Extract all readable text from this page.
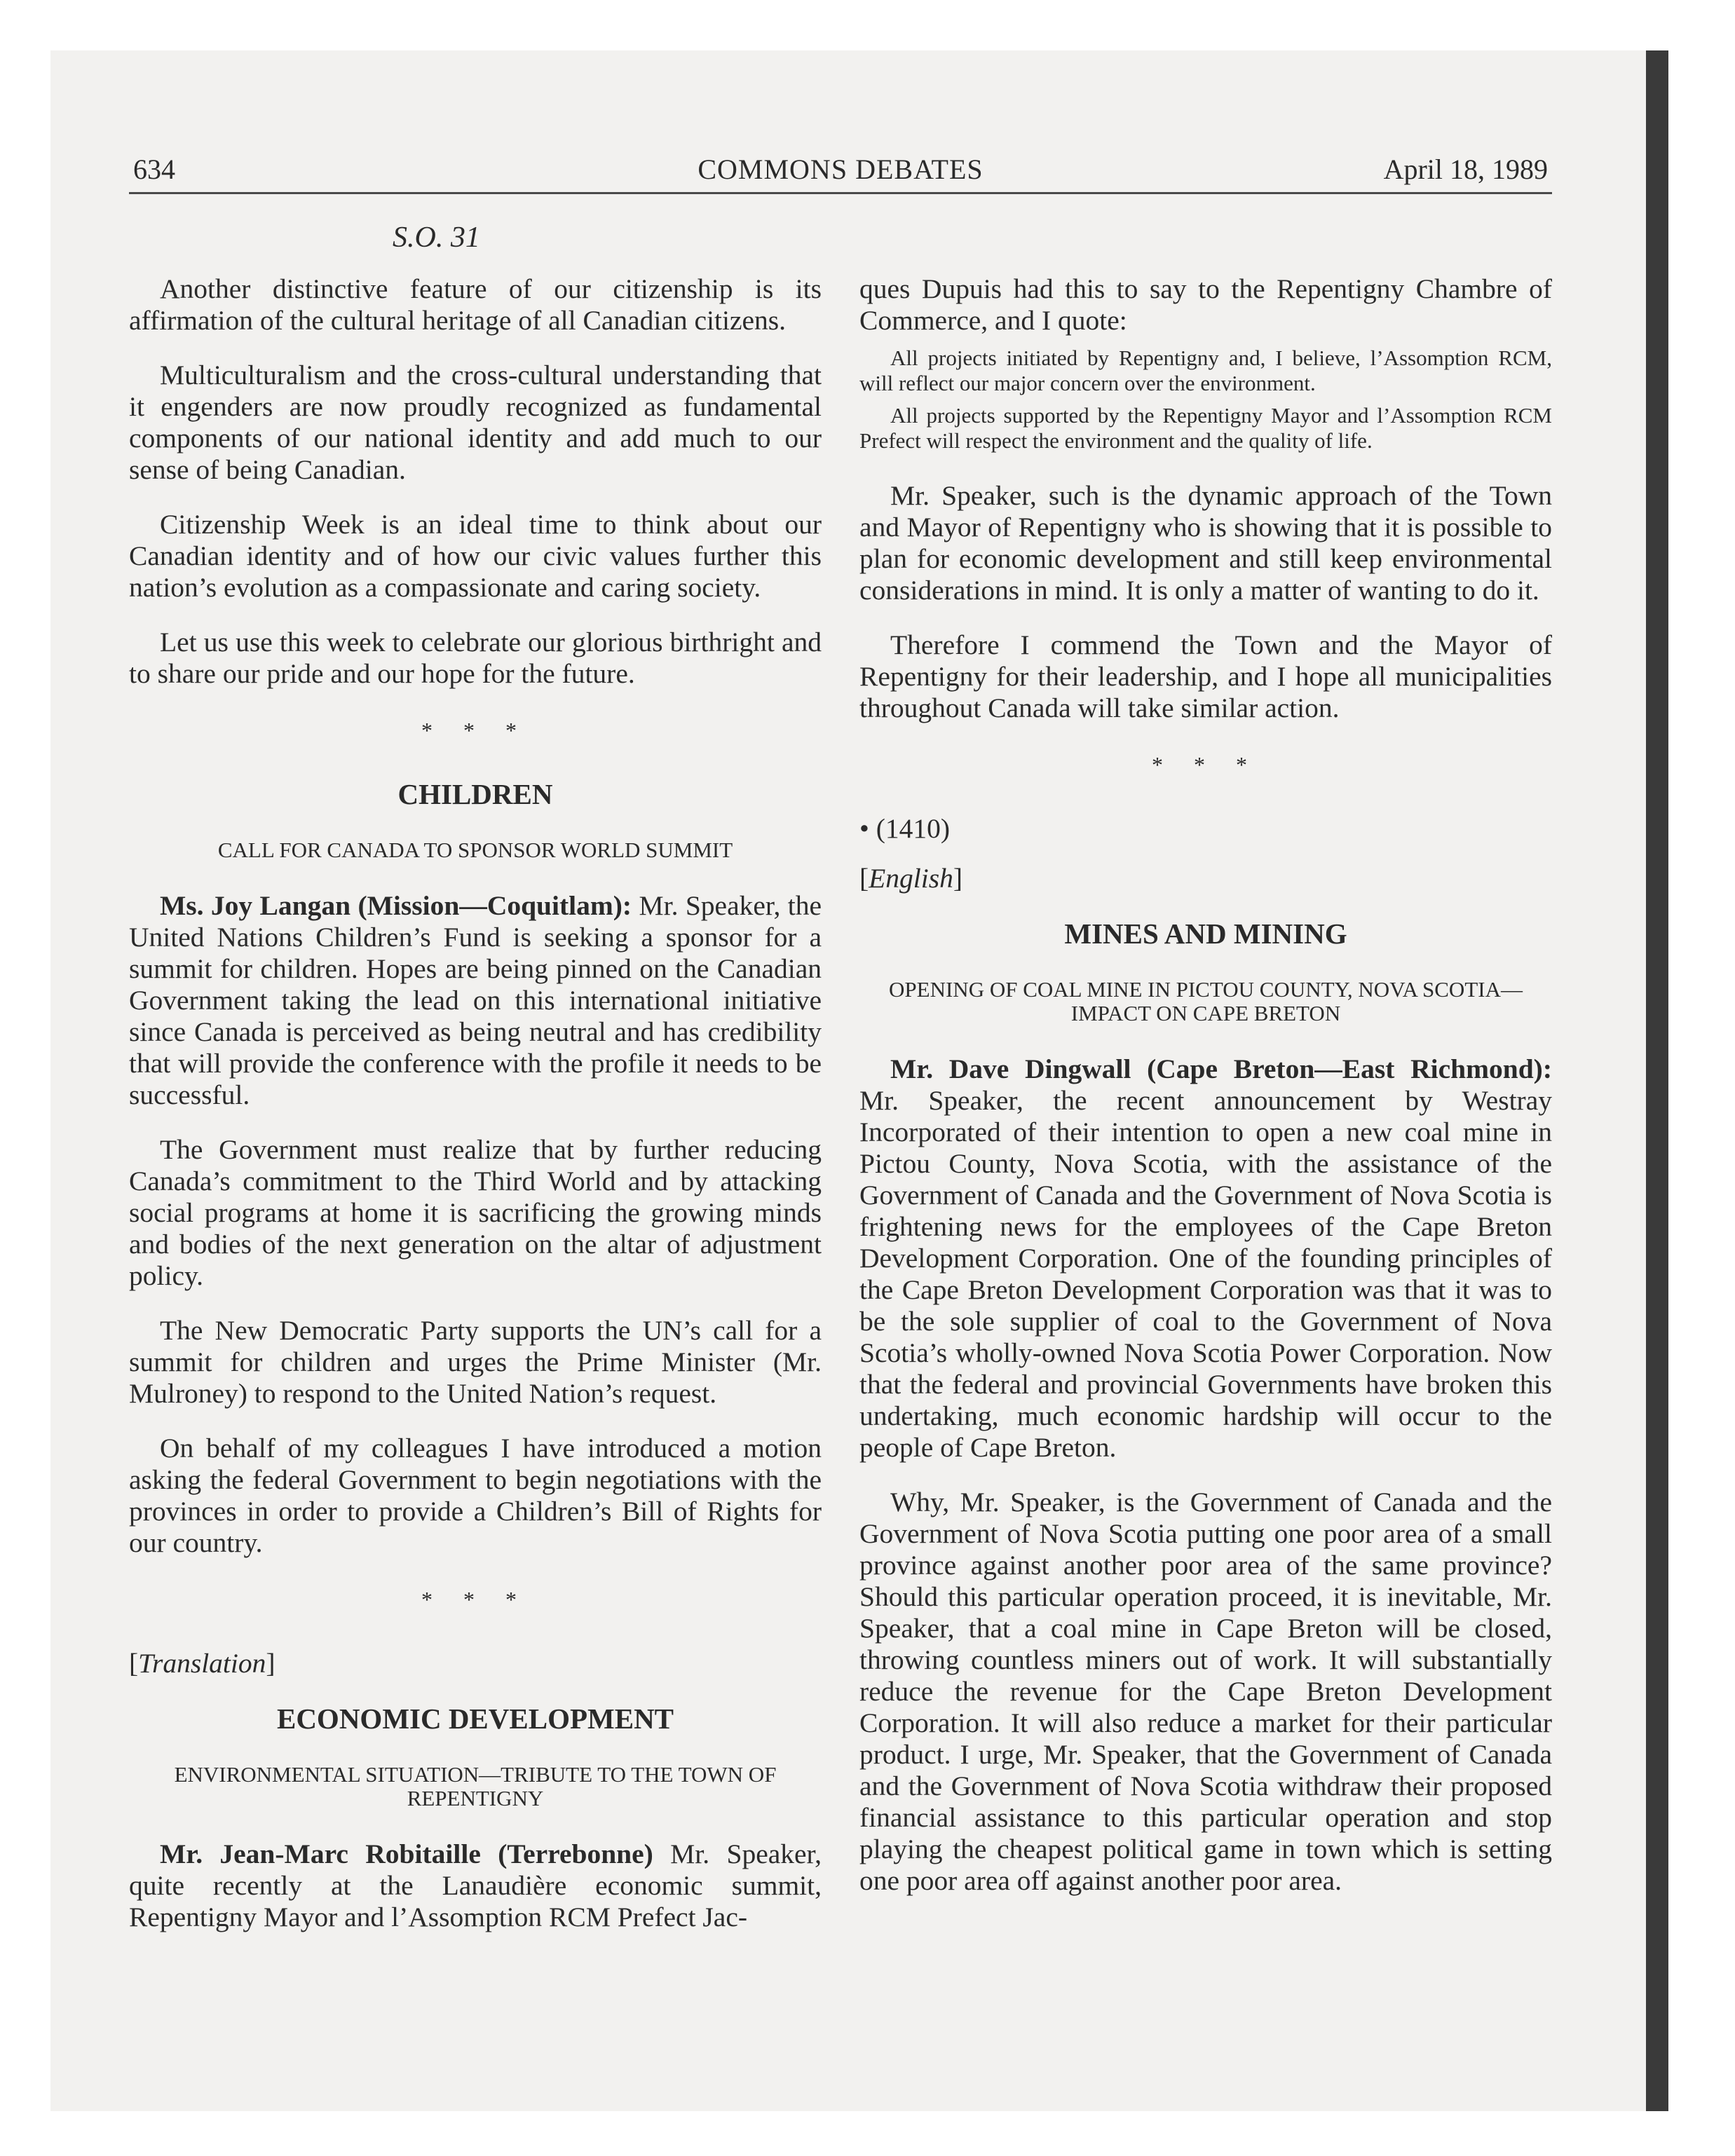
634	COMMONS DEBATES	April 18, 1989
S.O. 31

Another distinctive feature of our citizenship is its affirmation of the cultural heritage of all Canadian citizens.

Multiculturalism and the cross-cultural understanding that it engenders are now proudly recognized as fundamental components of our national identity and add much to our sense of being Canadian.

Citizenship Week is an ideal time to think about our Canadian identity and of how our civic values further this nation’s evolution as a compassionate and caring society.

Let us use this week to celebrate our glorious birthright and to share our pride and our hope for the future.

* * *
CHILDREN
CALL FOR CANADA TO SPONSOR WORLD SUMMIT

Ms. Joy Langan (Mission—Coquitlam): Mr. Speaker, the United Nations Children’s Fund is seeking a sponsor for a summit for children. Hopes are being pinned on the Canadian Government taking the lead on this international initiative since Canada is perceived as being neutral and has credibility that will provide the conference with the profile it needs to be successful.

The Government must realize that by further reducing Canada’s commitment to the Third World and by attacking social programs at home it is sacrificing the growing minds and bodies of the next generation on the altar of adjustment policy.

The New Democratic Party supports the UN’s call for a summit for children and urges the Prime Minister (Mr. Mulroney) to respond to the United Nation’s request.

On behalf of my colleagues I have introduced a motion asking the federal Government to begin negotiations with the provinces in order to provide a Children’s Bill of Rights for our country.

* * *
[Translation]
ECONOMIC DEVELOPMENT
ENVIRONMENTAL SITUATION—TRIBUTE TO THE TOWN OF REPENTIGNY

Mr. Jean-Marc Robitaille (Terrebonne) Mr. Speaker, quite recently at the Lanaudière economic summit, Repentigny Mayor and l’Assomption RCM Prefect Jac-

ques Dupuis had this to say to the Repentigny Chambre of Commerce, and I quote:

All projects initiated by Repentigny and, I believe, l’Assomption RCM, will reflect our major concern over the environment.
All projects supported by the Repentigny Mayor and l’Assomption RCM Prefect will respect the environment and the quality of life.

Mr. Speaker, such is the dynamic approach of the Town and Mayor of Repentigny who is showing that it is possible to plan for economic development and still keep environmental considerations in mind. It is only a matter of wanting to do it.

Therefore I commend the Town and the Mayor of Repentigny for their leadership, and I hope all municipalities throughout Canada will take similar action.

* * *
• (1410)
[English]
MINES AND MINING
OPENING OF COAL MINE IN PICTOU COUNTY, NOVA SCOTIA—IMPACT ON CAPE BRETON

Mr. Dave Dingwall (Cape Breton—East Richmond): Mr. Speaker, the recent announcement by Westray Incorporated of their intention to open a new coal mine in Pictou County, Nova Scotia, with the assistance of the Government of Canada and the Government of Nova Scotia is frightening news for the employees of the Cape Breton Development Corporation. One of the founding principles of the Cape Breton Development Corporation was that it was to be the sole supplier of coal to the Government of Nova Scotia’s wholly-owned Nova Scotia Power Corporation. Now that the federal and provincial Governments have broken this undertaking, much economic hardship will occur to the people of Cape Breton.

Why, Mr. Speaker, is the Government of Canada and the Government of Nova Scotia putting one poor area of a small province against another poor area of the same province? Should this particular operation proceed, it is inevitable, Mr. Speaker, that a coal mine in Cape Breton will be closed, throwing countless miners out of work. It will substantially reduce the revenue for the Cape Breton Development Corporation. It will also reduce a market for their particular product. I urge, Mr. Speaker, that the Government of Canada and the Government of Nova Scotia withdraw their proposed financial assistance to this particular operation and stop playing the cheapest political game in town which is setting one poor area off against another poor area.
